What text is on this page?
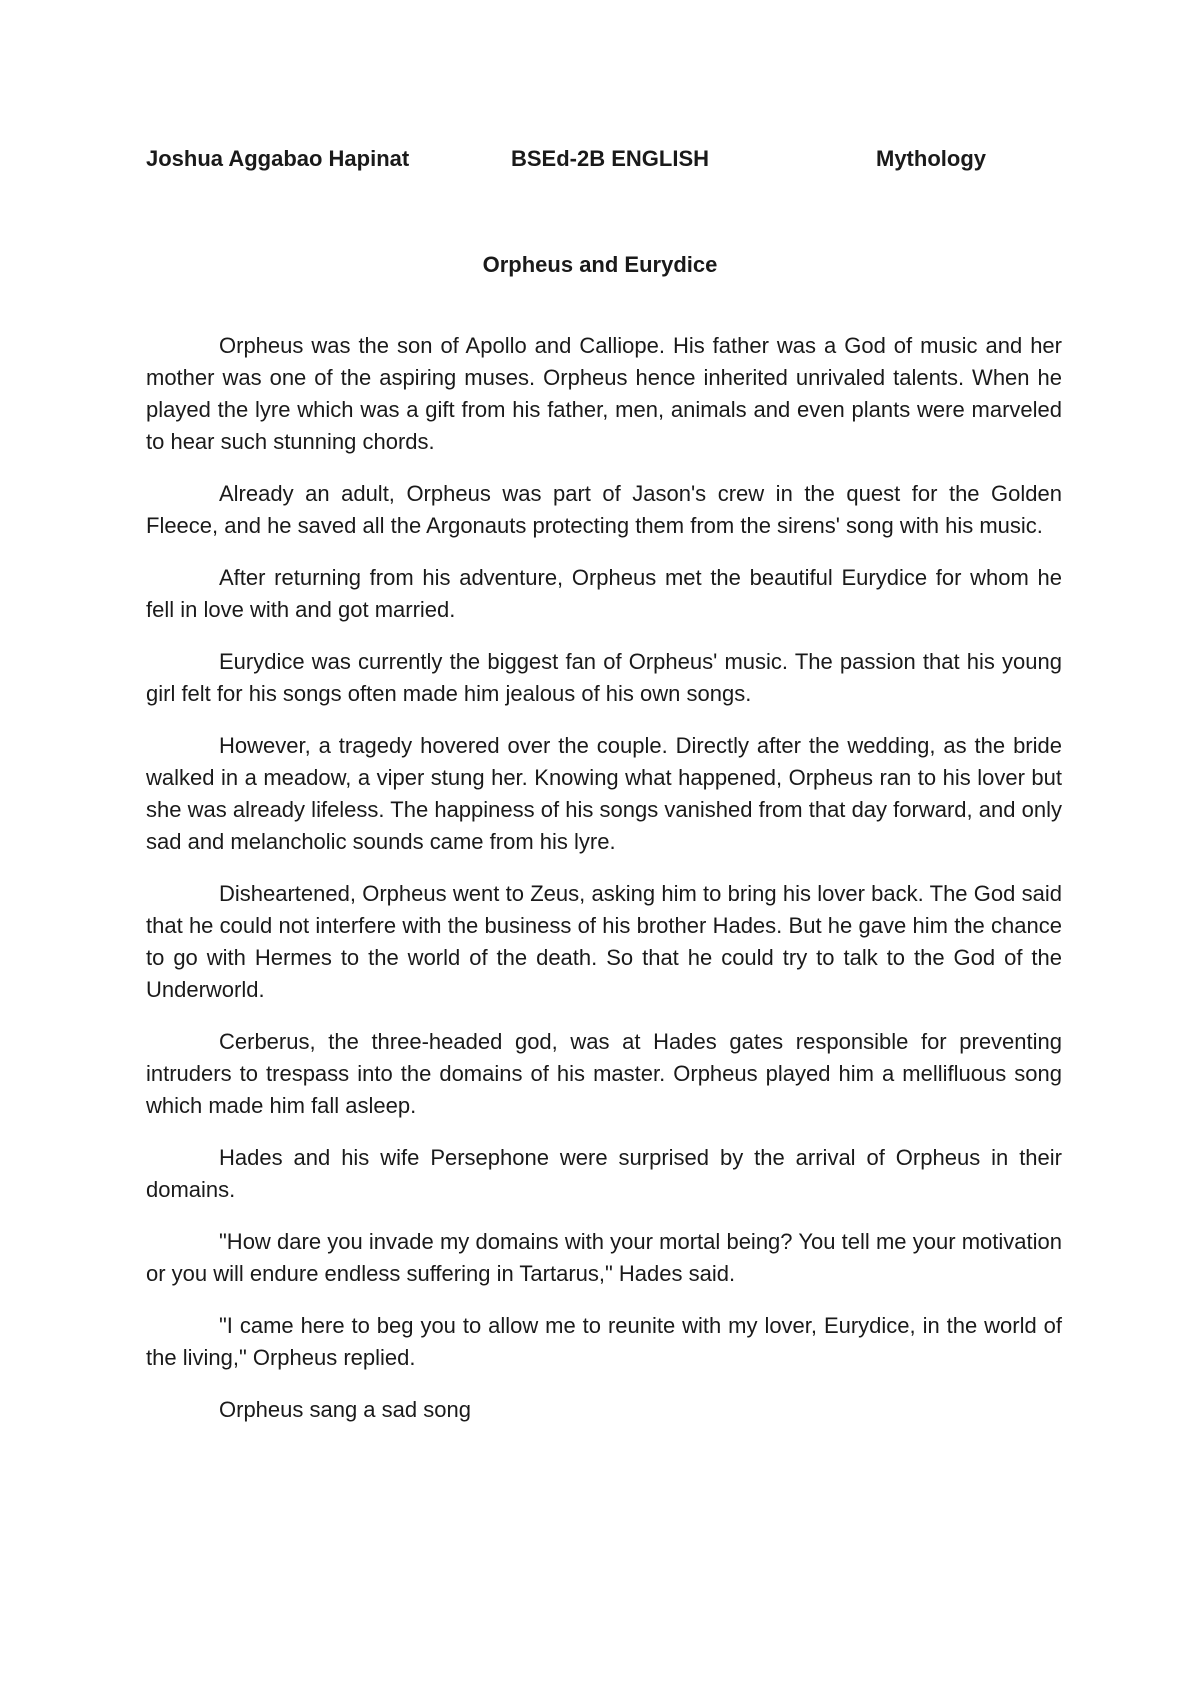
Joshua Aggabao Hapinat	BSEd-2B ENGLISH	Mythology
Orpheus and Eurydice

Orpheus was the son of Apollo and Calliope. His father was a God of music and her mother was one of the aspiring muses. Orpheus hence inherited unrivaled talents. When he played the lyre which was a gift from his father, men, animals and even plants were marveled to hear such stunning chords.

Already an adult, Orpheus was part of Jason's crew in the quest for the Golden Fleece, and he saved all the Argonauts protecting them from the sirens' song with his music.

After returning from his adventure, Orpheus met the beautiful Eurydice for whom he fell in love with and got married.

Eurydice was currently the biggest fan of Orpheus' music. The passion that his young girl felt for his songs often made him jealous of his own songs.

However, a tragedy hovered over the couple. Directly after the wedding, as the bride walked in a meadow, a viper stung her. Knowing what happened, Orpheus ran to his lover but she was already lifeless. The happiness of his songs vanished from that day forward, and only sad and melancholic sounds came from his lyre.

Disheartened, Orpheus went to Zeus, asking him to bring his lover back. The God said that he could not interfere with the business of his brother Hades. But he gave him the chance to go with Hermes to the world of the death. So that he could try to talk to the God of the Underworld.

Cerberus, the three-headed god, was at Hades gates responsible for preventing intruders to trespass into the domains of his master. Orpheus played him a mellifluous song which made him fall asleep.

Hades and his wife Persephone were surprised by the arrival of Orpheus in their domains.

"How dare you invade my domains with your mortal being? You tell me your motivation or you will endure endless suffering in Tartarus," Hades said.

"I came here to beg you to allow me to reunite with my lover, Eurydice, in the world of the living," Orpheus replied.

Orpheus sang a sad song
